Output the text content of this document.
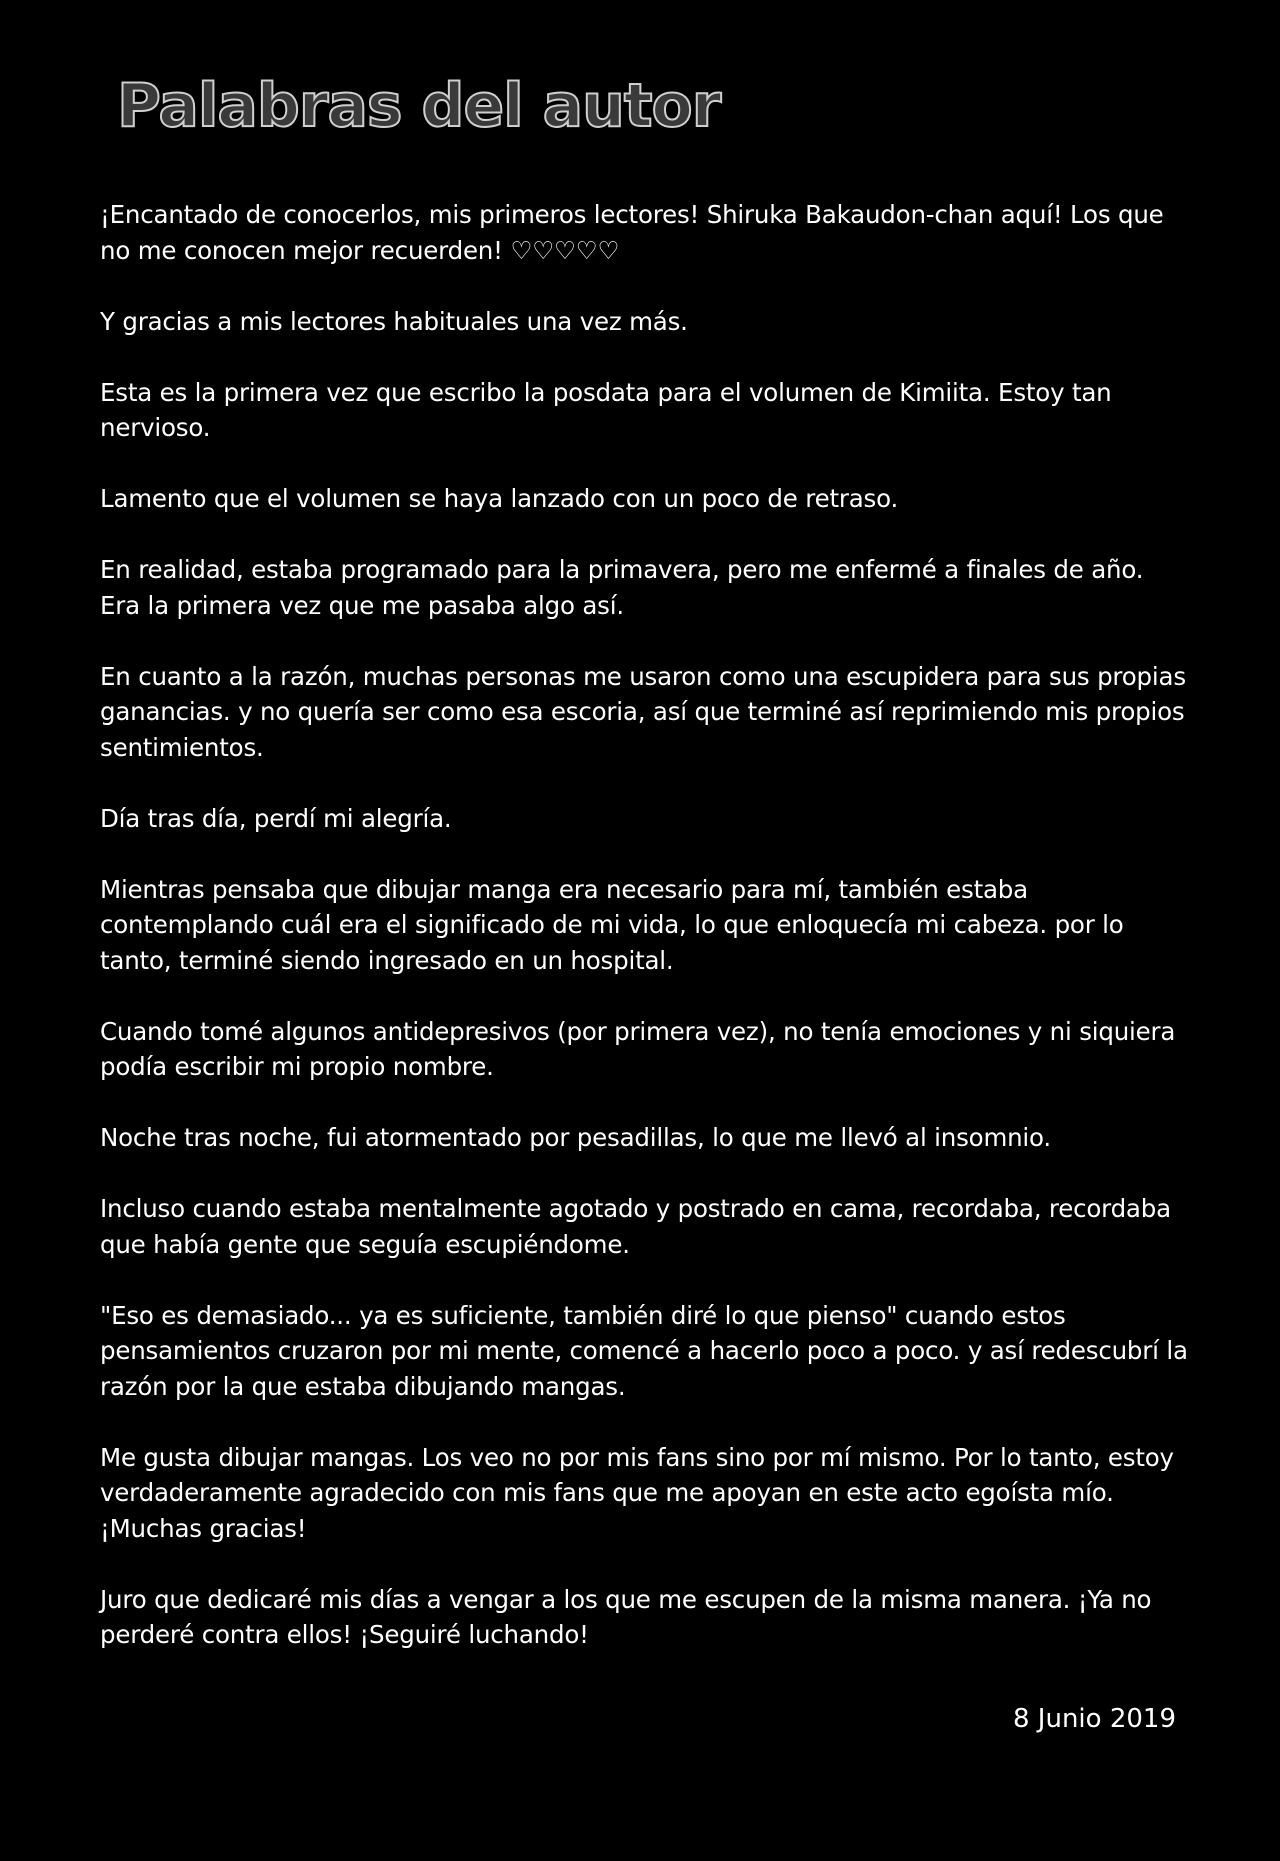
Palabras del autor

¡Encantado de conocerlos, mis primeros lectores! Shiruka Bakaudon-chan aquí! Los que no me conocen mejor recuerden! ♡♡♡♡♡

Y gracias a mis lectores habituales una vez más.

Esta es la primera vez que escribo la posdata para el volumen de Kimiita. Estoy tan nervioso.

Lamento que el volumen se haya lanzado con un poco de retraso.

En realidad, estaba programado para la primavera, pero me enfermé a finales de año. Era la primera vez que me pasaba algo así.

En cuanto a la razón, muchas personas me usaron como una escupidera para sus propias ganancias. y no quería ser como esa escoria, así que terminé así reprimiendo mis propios sentimientos.

Día tras día, perdí mi alegría.

Mientras pensaba que dibujar manga era necesario para mí, también estaba contemplando cuál era el significado de mi vida, lo que enloquecía mi cabeza. por lo tanto, terminé siendo ingresado en un hospital.

Cuando tomé algunos antidepresivos (por primera vez), no tenía emociones y ni siquiera podía escribir mi propio nombre.

Noche tras noche, fui atormentado por pesadillas, lo que me llevó al insomnio.

Incluso cuando estaba mentalmente agotado y postrado en cama, recordaba, recordaba que había gente que seguía escupiéndome.

"Eso es demasiado... ya es suficiente, también diré lo que pienso" cuando estos pensamientos cruzaron por mi mente, comencé a hacerlo poco a poco. y así redescubrí la razón por la que estaba dibujando mangas.

Me gusta dibujar mangas. Los veo no por mis fans sino por mí mismo. Por lo tanto, estoy verdaderamente agradecido con mis fans que me apoyan en este acto egoísta mío. ¡Muchas gracias!

Juro que dedicaré mis días a vengar a los que me escupen de la misma manera. ¡Ya no perderé contra ellos! ¡Seguiré luchando!

8 Junio 2019
